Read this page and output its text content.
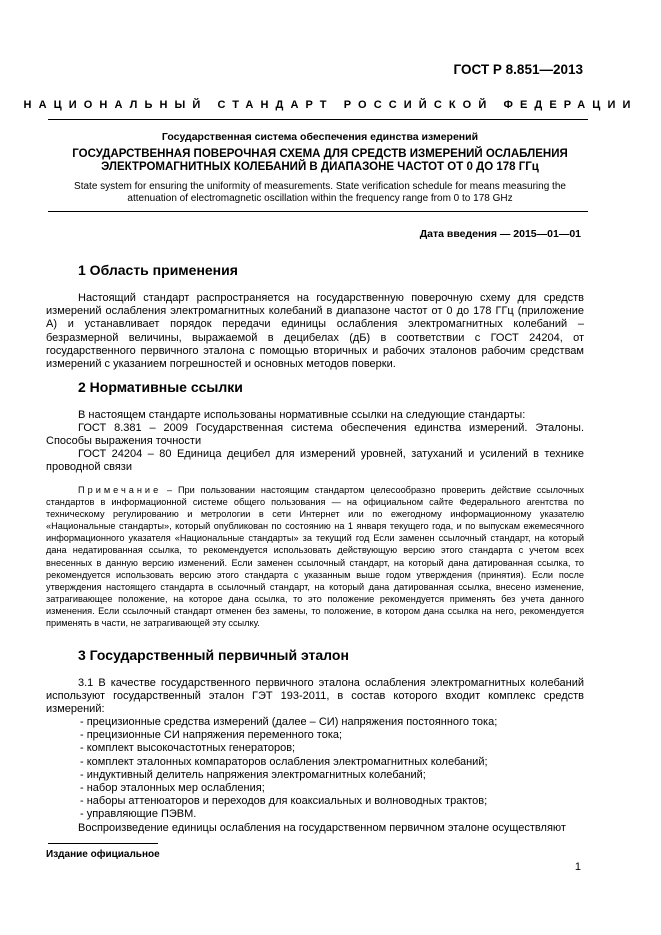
ГОСТ Р 8.851—2013
НАЦИОНАЛЬНЫЙ СТАНДАРТ РОССИЙСКОЙ ФЕДЕРАЦИИ
Государственная система обеспечения единства измерений
ГОСУДАРСТВЕННАЯ ПОВЕРОЧНАЯ СХЕМА ДЛЯ СРЕДСТВ ИЗМЕРЕНИЙ ОСЛАБЛЕНИЯ ЭЛЕКТРОМАГНИТНЫХ КОЛЕБАНИЙ В ДИАПАЗОНЕ ЧАСТОТ ОТ 0 ДО 178 ГГц
State system for ensuring the uniformity of measurements. State verification schedule for means measuring the attenuation of electromagnetic oscillation within the frequency range from 0 to 178 GHz
Дата введения — 2015—01—01
1 Область применения

Настоящий стандарт распространяется на государственную поверочную схему для средств измерений ослабления электромагнитных колебаний в диапазоне частот от 0 до 178 ГГц (приложение А) и устанавливает порядок передачи единицы ослабления электромагнитных колебаний – безразмерной величины, выражаемой в децибелах (дБ) в соответствии с ГОСТ 24204, от государственного первичного эталона с помощью вторичных и рабочих эталонов рабочим средствам измерений с указанием погрешностей и основных методов поверки.

2 Нормативные ссылки

В настоящем стандарте использованы нормативные ссылки на следующие стандарты:

ГОСТ 8.381 – 2009 Государственная система обеспечения единства измерений. Эталоны. Способы выражения точности

ГОСТ 24204 – 80 Единица децибел для измерений уровней, затуханий и усилений в технике проводной связи

Примечание – При пользовании настоящим стандартом целесообразно проверить действие ссылочных стандартов в информационной системе общего пользования — на официальном сайте Федерального агентства по техническому регулированию и метрологии в сети Интернет или по ежегодному информационному указателю «Национальные стандарты», который опубликован по состоянию на 1 января текущего года, и по выпускам ежемесячного информационного указателя «Национальные стандарты» за текущий год Если заменен ссылочный стандарт, на который дана недатированная ссылка, то рекомендуется использовать действующую версию этого стандарта с учетом всех внесенных в данную версию изменений. Если заменен ссылочный стандарт, на который дана датированная ссылка, то рекомендуется использовать версию этого стандарта с указанным выше годом утверждения (принятия). Если после утверждения настоящего стандарта в ссылочный стандарт, на который дана датированная ссылка, внесено изменение, затрагивающее положение, на которое дана ссылка, то это положение рекомендуется применять без учета данного изменения. Если ссылочный стандарт отменен без замены, то положение, в котором дана ссылка на него, рекомендуется применять в части, не затрагивающей эту ссылку.

3 Государственный первичный эталон

3.1 В качестве государственного первичного эталона ослабления электромагнитных колебаний используют государственный эталон ГЭТ 193-2011, в состав которого входит комплекс средств измерений:

- прецизионные средства измерений (далее – СИ) напряжения постоянного тока;
- прецизионные СИ напряжения переменного тока;
- комплект высокочастотных генераторов;
- комплект эталонных компараторов ослабления электромагнитных колебаний;
- индуктивный делитель напряжения электромагнитных колебаний;
- набор эталонных мер ослабления;
- наборы аттенюаторов и переходов для коаксиальных и волноводных трактов;
- управляющие ПЭВМ.

Воспроизведение единицы ослабления на государственном первичном эталоне осуществляют

Издание официальное
1
